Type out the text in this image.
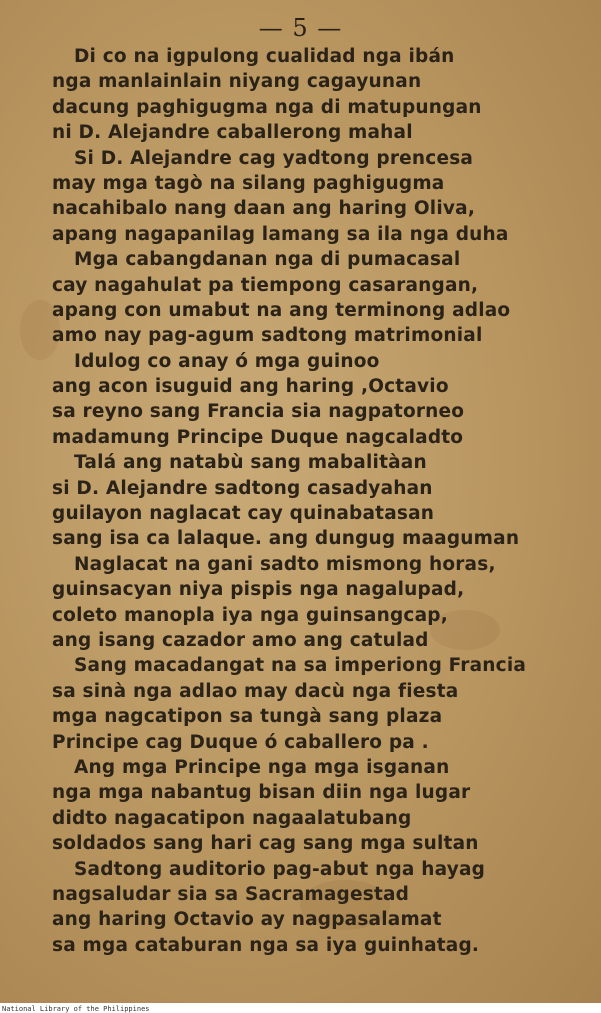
— 5 —
Di co na igpulong cualidad nga ibán
nga manlainlain niyang cagayunan
dacung paghigugma nga di matupungan
ni D. Alejandre caballerong mahal
Si D. Alejandre cag yadtong prencesa
may mga tagò na silang paghigugma
nacahibalo nang daan ang haring Oliva,
apang nagapanilag lamang sa ila nga duha
Mga cabangdanan nga di pumacasal
cay nagahulat pa tiempong casarangan,
apang con umabut na ang terminong adlao
amo nay pag-agum sadtong matrimonial
Idulog co anay ó mga guinoo
ang acon isuguid ang haring ,Octavio
sa reyno sang Francia sia nagpatorneo
madamung Principe Duque nagcaladto
Talá ang natabù sang mabalitàan
si D. Alejandre sadtong casadyahan
guilayon naglacat cay quinabatasan
sang isa ca lalaque. ang dungug maaguman
Naglacat na gani sadto mismong horas,
guinsacyan niya pispis nga nagalupad,
coleto manopla iya nga guinsangcap,
ang isang cazador amo ang catulad
Sang macadangat na sa imperiong Francia
sa sinà nga adlao may dacù nga fiesta
mga nagcatipon sa tungà sang plaza
Principe cag Duque ó caballero pa .
Ang mga Principe nga mga isganan
nga mga nabantug bisan diin nga lugar
didto nagacatipon nagaalatubang
soldados sang hari cag sang mga sultan
Sadtong auditorio pag-abut nga hayag
nagsaludar sia sa Sacramagestad
ang haring Octavio ay nagpasalamat
sa mga cataburan nga sa iya guinhatag.
National Library of the Philippines
